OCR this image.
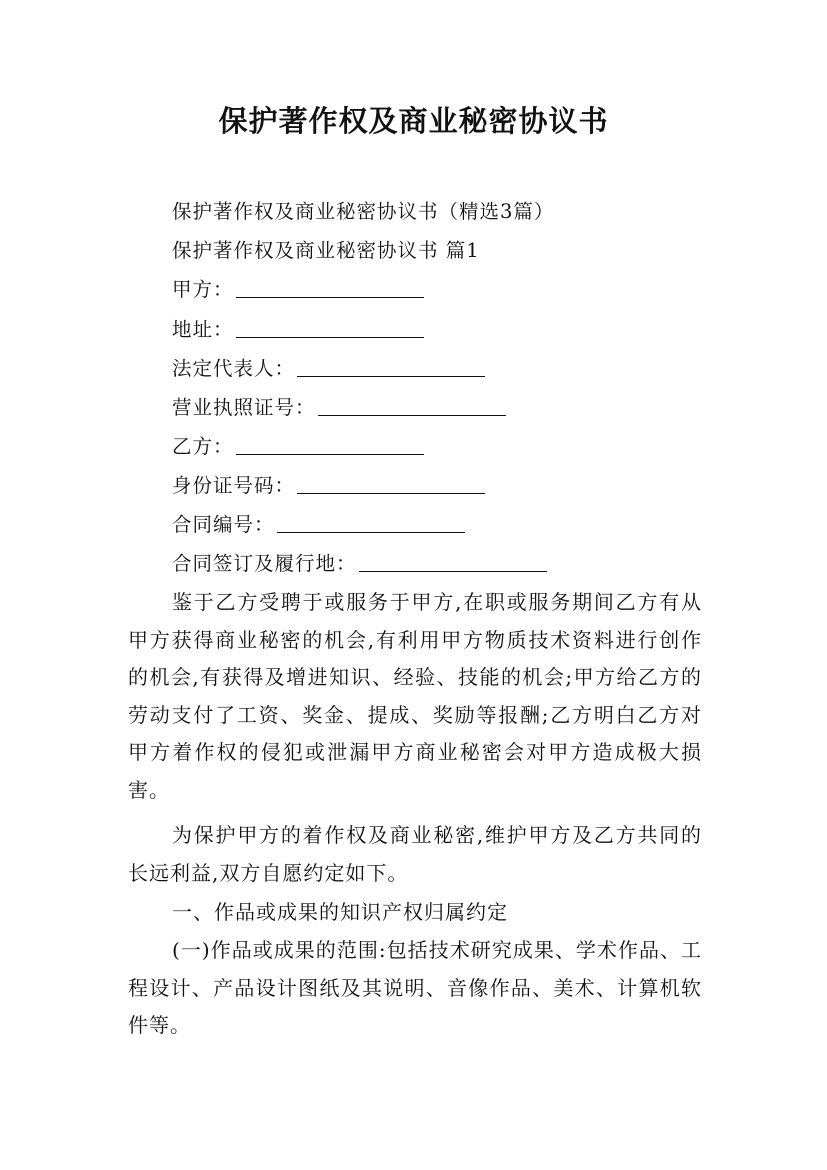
保护著作权及商业秘密协议书
保护著作权及商业秘密协议书（精选3篇）
保护著作权及商业秘密协议书 篇1
甲方：
地址：
法定代表人：
营业执照证号：
乙方：
身份证号码：
合同编号：
合同签订及履行地：

鉴于乙方受聘于或服务于甲方,在职或服务期间乙方有从甲方获得商业秘密的机会,有利用甲方物质技术资料进行创作的机会,有获得及增进知识、经验、技能的机会;甲方给乙方的劳动支付了工资、奖金、提成、奖励等报酬;乙方明白乙方对甲方着作权的侵犯或泄漏甲方商业秘密会对甲方造成极大损害。

为保护甲方的着作权及商业秘密,维护甲方及乙方共同的长远利益,双方自愿约定如下。

一、作品或成果的知识产权归属约定

(一)作品或成果的范围:包括技术研究成果、学术作品、工程设计、产品设计图纸及其说明、音像作品、美术、计算机软件等。
